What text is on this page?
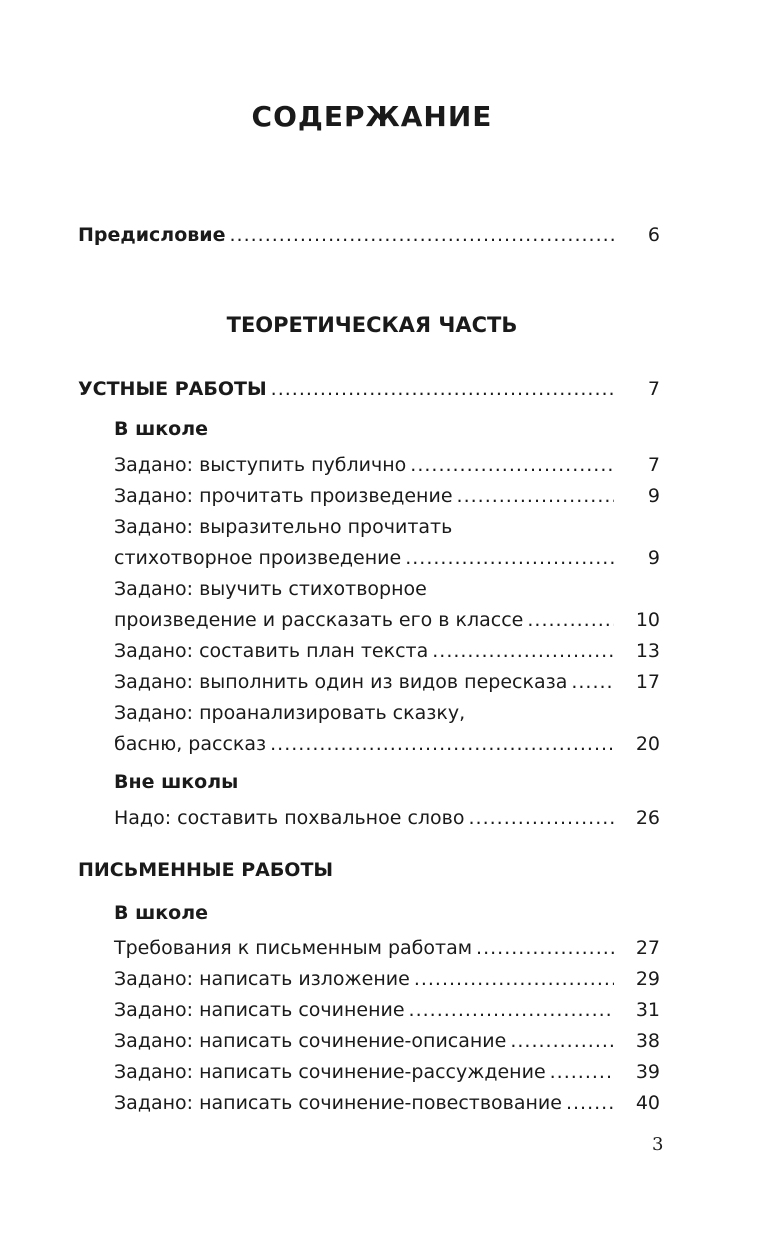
СОДЕРЖАНИЕ
Предисловие .....	6
ТЕОРЕТИЧЕСКАЯ ЧАСТЬ
УСТНЫЕ РАБОТЫ .....	7
В школе
Задано: выступить публично .....	7
Задано: прочитать произведение .....	9
Задано: выразительно прочитать
стихотворное произведение .....	9
Задано: выучить стихотворное
произведение и рассказать его в классе .....	10
Задано: составить план текста .....	13
Задано: выполнить один из видов пересказа .....	17
Задано: проанализировать сказку,
басню, рассказ .....	20
Вне школы
Надо: составить похвальное слово .....	26
ПИСЬМЕННЫЕ РАБОТЫ
В школе
Требования к письменным работам .....	27
Задано: написать изложение .....	29
Задано: написать сочинение .....	31
Задано: написать сочинение-описание .....	38
Задано: написать сочинение-рассуждение .....	39
Задано: написать сочинение-повествование .....	40
3
